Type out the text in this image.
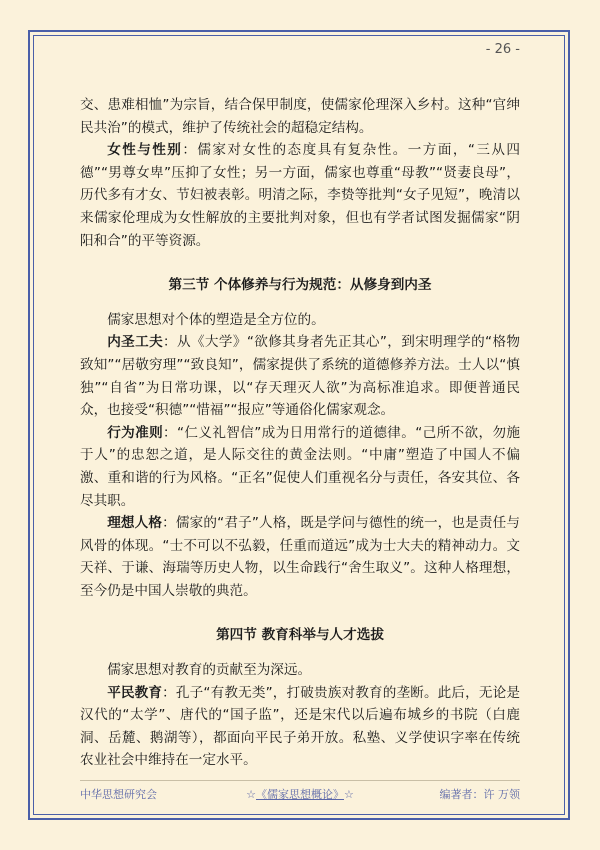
- 26 -

交、患难相恤”为宗旨，结合保甲制度，使儒家伦理深入乡村。这种“官绅民共治”的模式，维护了传统社会的超稳定结构。

女性与性别：儒家对女性的态度具有复杂性。一方面，“三从四德”“男尊女卑”压抑了女性；另一方面，儒家也尊重“母教”“贤妻良母”，历代多有才女、节妇被表彰。明清之际，李贽等批判“女子见短”，晚清以来儒家伦理成为女性解放的主要批判对象，但也有学者试图发掘儒家“阴阳和合”的平等资源。

第三节 个体修养与行为规范：从修身到内圣

儒家思想对个体的塑造是全方位的。

内圣工夫：从《大学》“欲修其身者先正其心”，到宋明理学的“格物致知”“居敬穷理”“致良知”，儒家提供了系统的道德修养方法。士人以“慎独”“自省”为日常功课，以“存天理灭人欲”为高标准追求。即便普通民众，也接受“积德”“惜福”“报应”等通俗化儒家观念。

行为准则：“仁义礼智信”成为日用常行的道德律。“己所不欲，勿施于人”的忠恕之道，是人际交往的黄金法则。“中庸”塑造了中国人不偏激、重和谐的行为风格。“正名”促使人们重视名分与责任，各安其位、各尽其职。

理想人格：儒家的“君子”人格，既是学问与德性的统一，也是责任与风骨的体现。“士不可以不弘毅，任重而道远”成为士大夫的精神动力。文天祥、于谦、海瑞等历史人物，以生命践行“舍生取义”。这种人格理想，至今仍是中国人崇敬的典范。

第四节 教育科举与人才选拔

儒家思想对教育的贡献至为深远。

平民教育：孔子“有教无类”，打破贵族对教育的垄断。此后，无论是汉代的“太学”、唐代的“国子监”，还是宋代以后遍布城乡的书院（白鹿洞、岳麓、鹅湖等），都面向平民子弟开放。私塾、义学使识字率在传统农业社会中维持在一定水平。

中华思想研究会	☆《儒家思想概论》☆	编著者：许 万领
